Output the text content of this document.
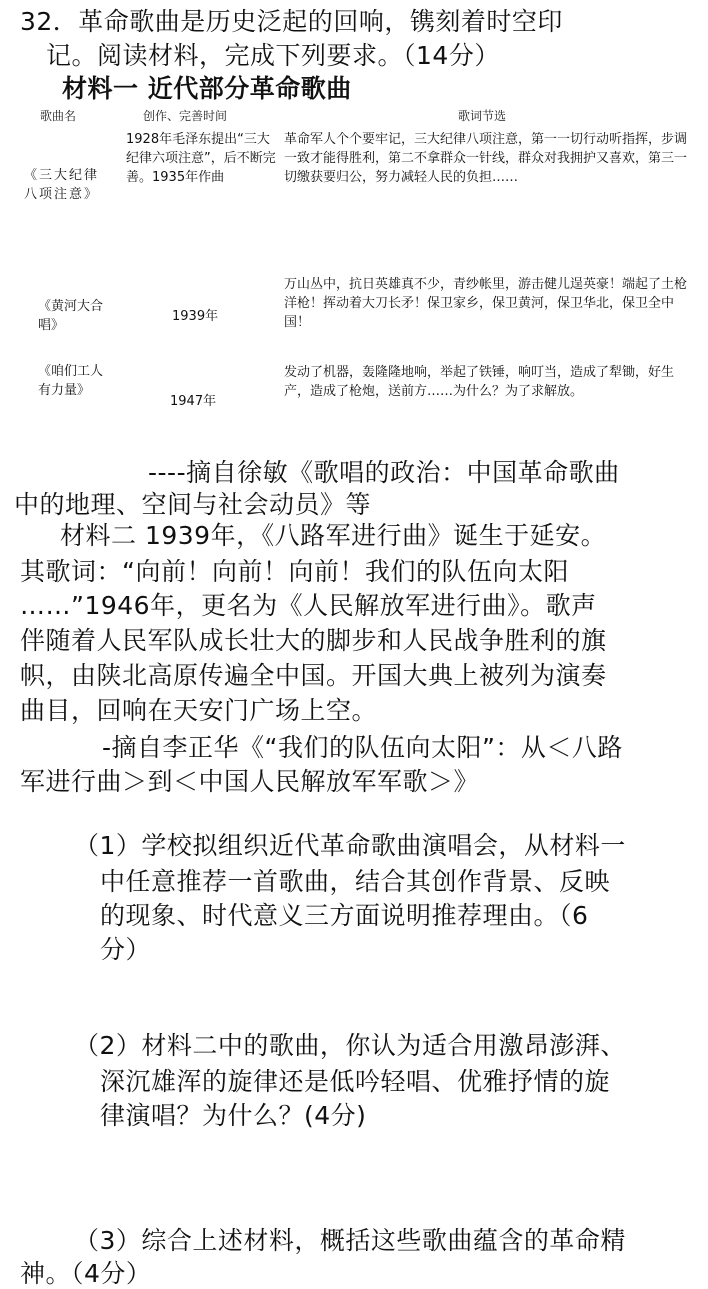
32．革命歌曲是历史泛起的回响，镌刻着时空印
记。阅读材料，完成下列要求。（14分）
材料一 近代部分革命歌曲
歌曲名	创作、完善时间	歌词节选
《三大纪律八项注意》
1928年毛泽东提出“三大纪律六项注意”，后不断完善。1935年作曲
革命军人个个要牢记，三大纪律八项注意，第一一切行动听指挥，步调一致才能得胜利，第二不拿群众一针线，群众对我拥护又喜欢，第三一切缴获要归公，努力减轻人民的负担……
《黄河大合唱》
1939年
万山丛中，抗日英雄真不少，青纱帐里，游击健儿逞英豪！端起了土枪洋枪！挥动着大刀长矛！保卫家乡，保卫黄河，保卫华北，保卫全中国！
《咱们工人有力量》
1947年
发动了机器，轰隆隆地响，举起了铁锤，响叮当，造成了犁锄，好生产，造成了枪炮，送前方……为什么？为了求解放。
----摘自徐敏《歌唱的政治：中国革命歌曲
中的地理、空间与社会动员》等
材料二 1939年，《八路军进行曲》诞生于延安。
其歌词：“向前！向前！向前！我们的队伍向太阳
……”1946年，更名为《人民解放军进行曲》。歌声
伴随着人民军队成长壮大的脚步和人民战争胜利的旗
帜，由陕北高原传遍全中国。开国大典上被列为演奏
曲目，回响在天安门广场上空。
-摘自李正华《“我们的队伍向太阳”：从＜八路
军进行曲＞到＜中国人民解放军军歌＞》
（1）学校拟组织近代革命歌曲演唱会，从材料一
中任意推荐一首歌曲，结合其创作背景、反映
的现象、时代意义三方面说明推荐理由。（6
分）
（2）材料二中的歌曲，你认为适合用激昂澎湃、
深沉雄浑的旋律还是低吟轻唱、优雅抒情的旋
律演唱？为什么？(4分)
（3）综合上述材料，概括这些歌曲蕴含的革命精
神。（4分）
